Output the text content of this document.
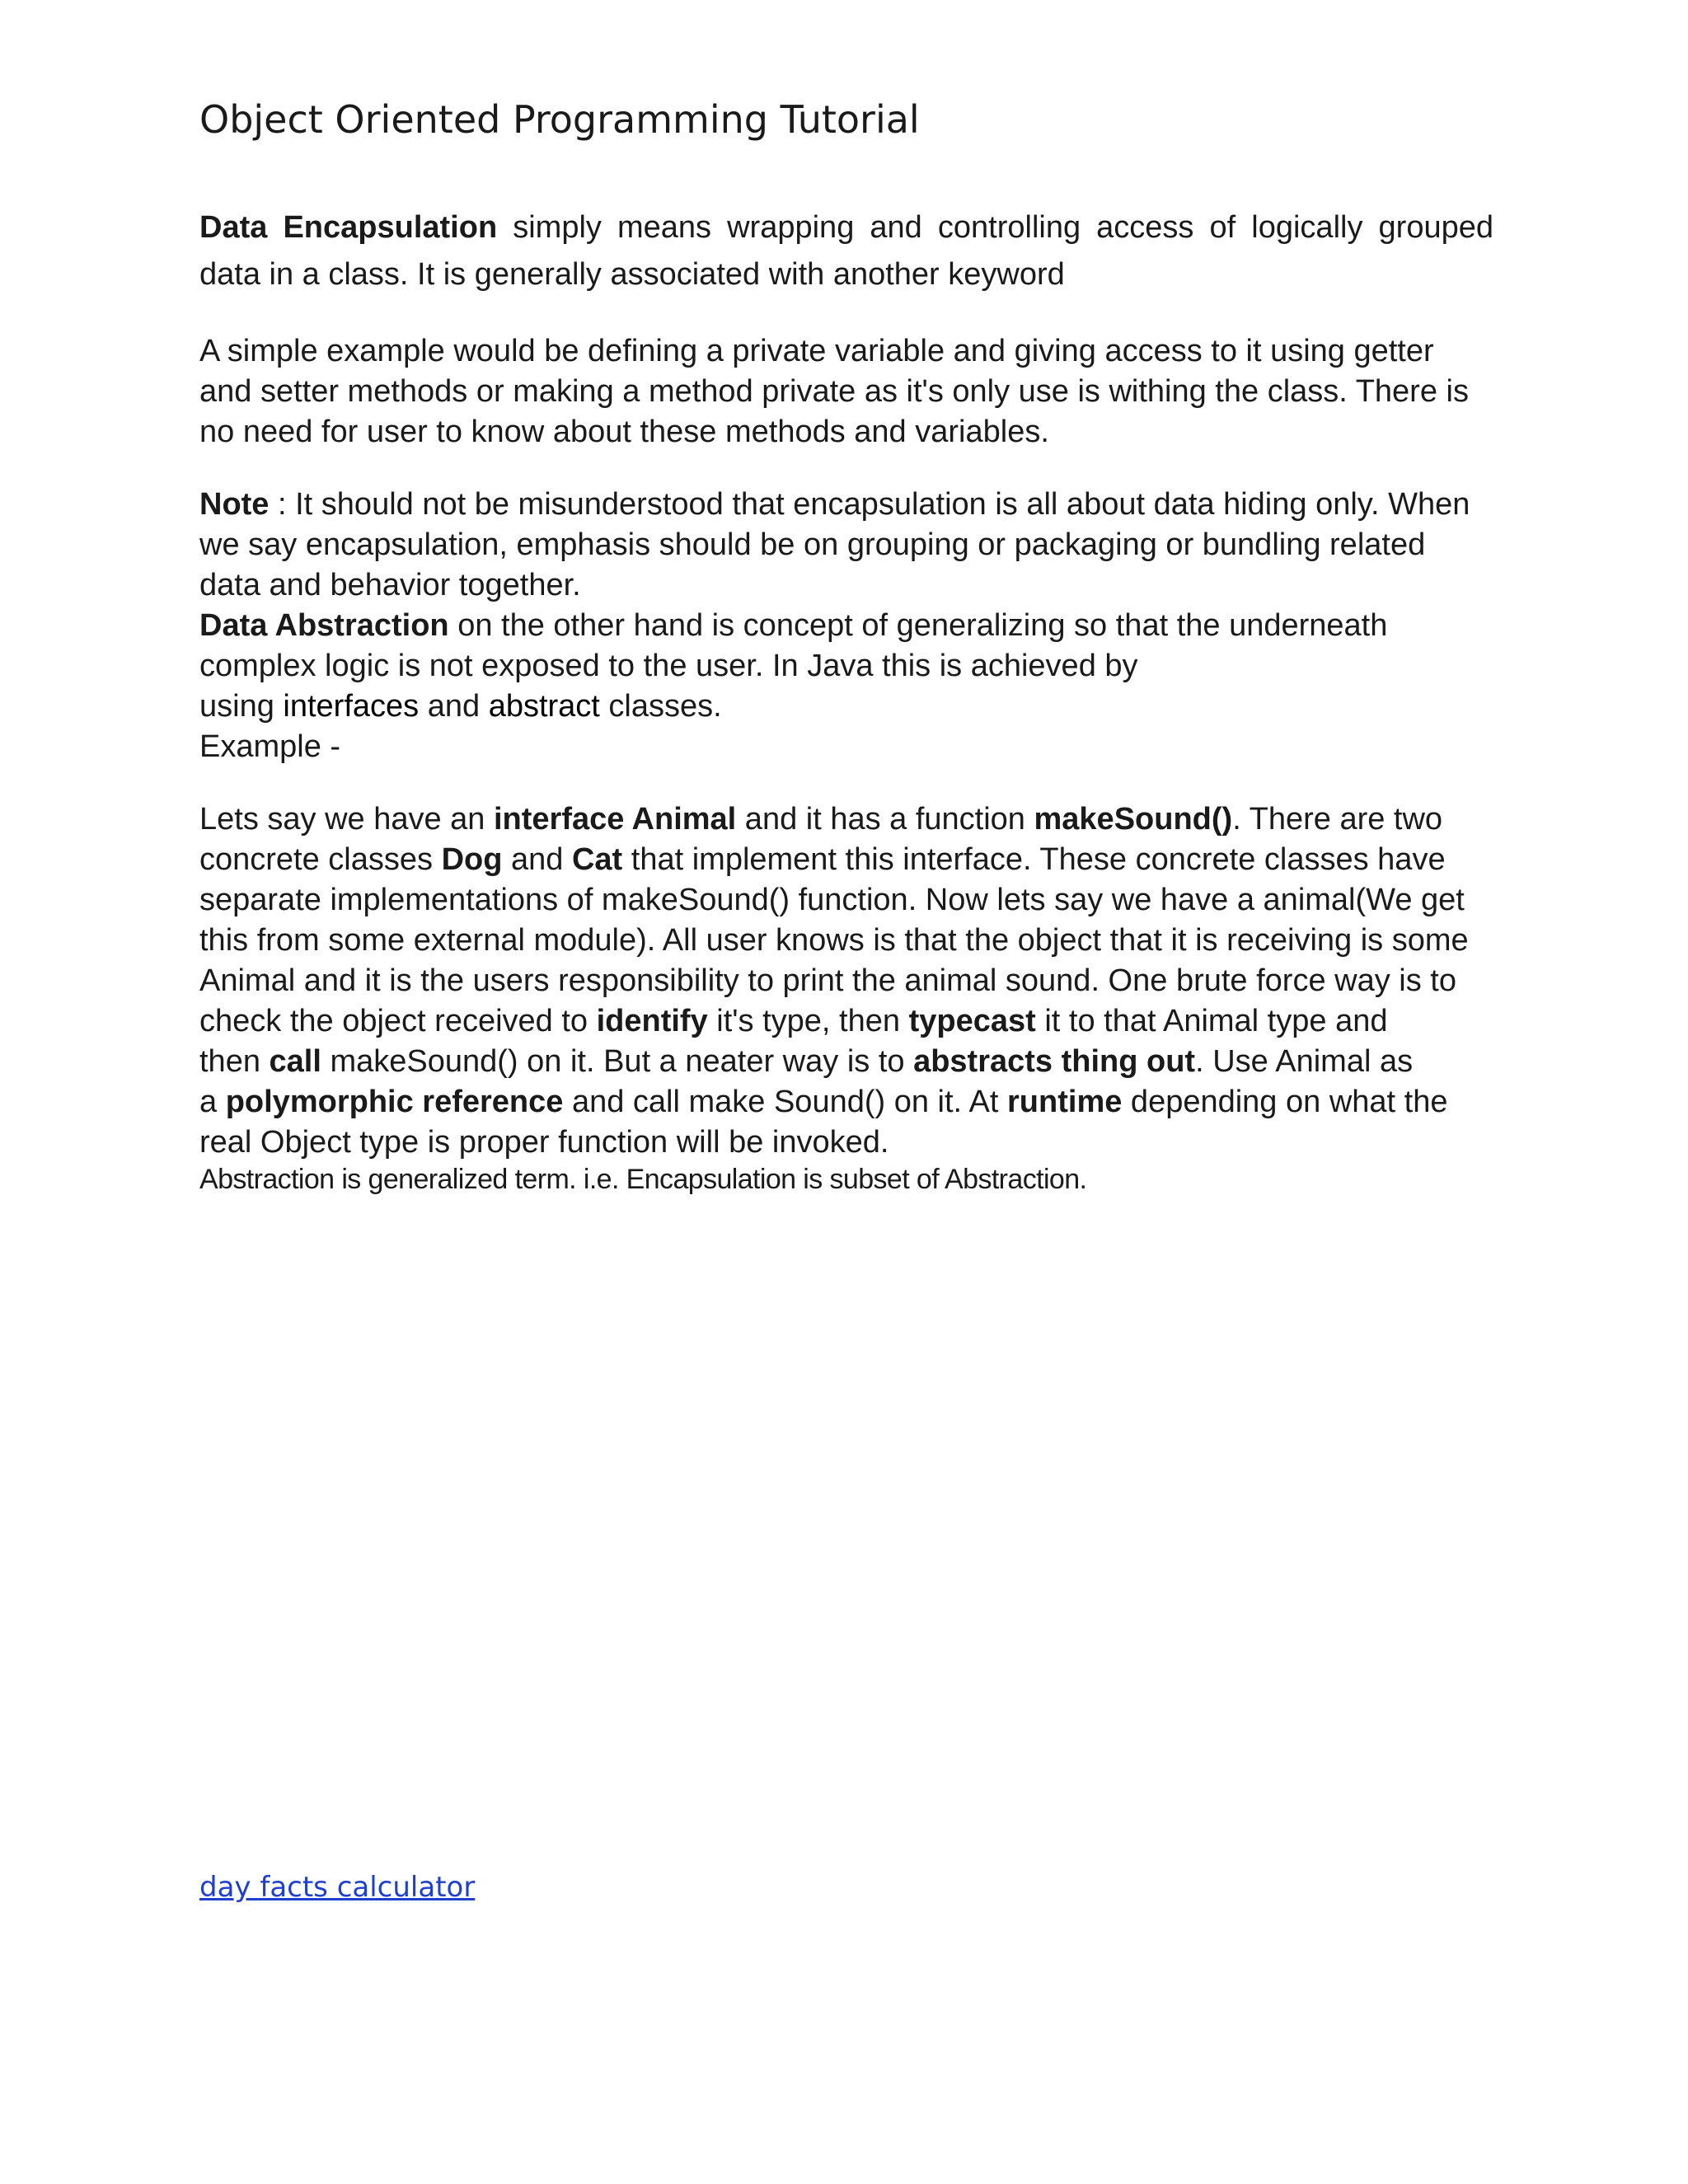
Object Oriented Programming Tutorial
Data Encapsulation simply means wrapping and controlling access of logically grouped
data in a class. It is generally associated with another keyword
A simple example would be defining a private variable and giving access to it using getter
and setter methods or making a method private as it's only use is withing the class. There is
no need for user to know about these methods and variables.
Note : It should not be misunderstood that encapsulation is all about data hiding only. When
we say encapsulation, emphasis should be on grouping or packaging or bundling related
data and behavior together.
Data Abstraction on the other hand is concept of generalizing so that the underneath
complex logic is not exposed to the user. In Java this is achieved by
using interfaces and abstract classes.
Example -
Lets say we have an interface Animal and it has a function makeSound(). There are two
concrete classes Dog and Cat that implement this interface. These concrete classes have
separate implementations of makeSound() function. Now lets say we have a animal(We get
this from some external module). All user knows is that the object that it is receiving is some
Animal and it is the users responsibility to print the animal sound. One brute force way is to
check the object received to identify it's type, then typecast it to that Animal type and
then call makeSound() on it. But a neater way is to abstracts thing out. Use Animal as
a polymorphic reference and call make Sound() on it. At runtime depending on what the
real Object type is proper function will be invoked.

Abstraction is generalized term. i.e. Encapsulation is subset of Abstraction.

day facts calculator
